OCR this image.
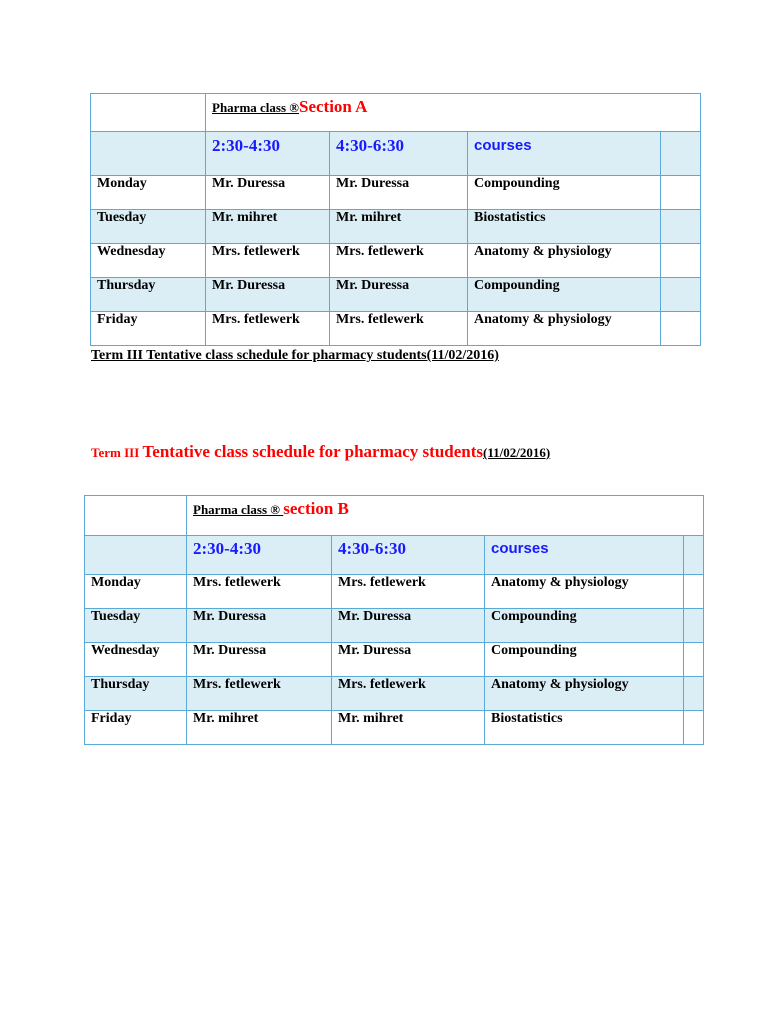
	Pharma class ®Section A			
	2:30-4:30	4:30-6:30	courses	
Monday	Mr. Duressa	Mr. Duressa	Compounding	
Tuesday	Mr. mihret	Mr. mihret	Biostatistics	
Wednesday	Mrs. fetlewerk	Mrs. fetlewerk	Anatomy & physiology	
Thursday	Mr. Duressa	Mr. Duressa	Compounding	
Friday	Mrs. fetlewerk	Mrs. fetlewerk	Anatomy & physiology	
Term III Tentative class schedule for pharmacy students(11/02/2016)
Term III Tentative class schedule for pharmacy students(11/02/2016)
	Pharma class ® section B			
	2:30-4:30	4:30-6:30	courses	
Monday	Mrs. fetlewerk	Mrs. fetlewerk	Anatomy & physiology	
Tuesday	Mr. Duressa	Mr. Duressa	Compounding	
Wednesday	Mr. Duressa	Mr. Duressa	Compounding	
Thursday	Mrs. fetlewerk	Mrs. fetlewerk	Anatomy & physiology	
Friday	Mr. mihret	Mr. mihret	Biostatistics	
